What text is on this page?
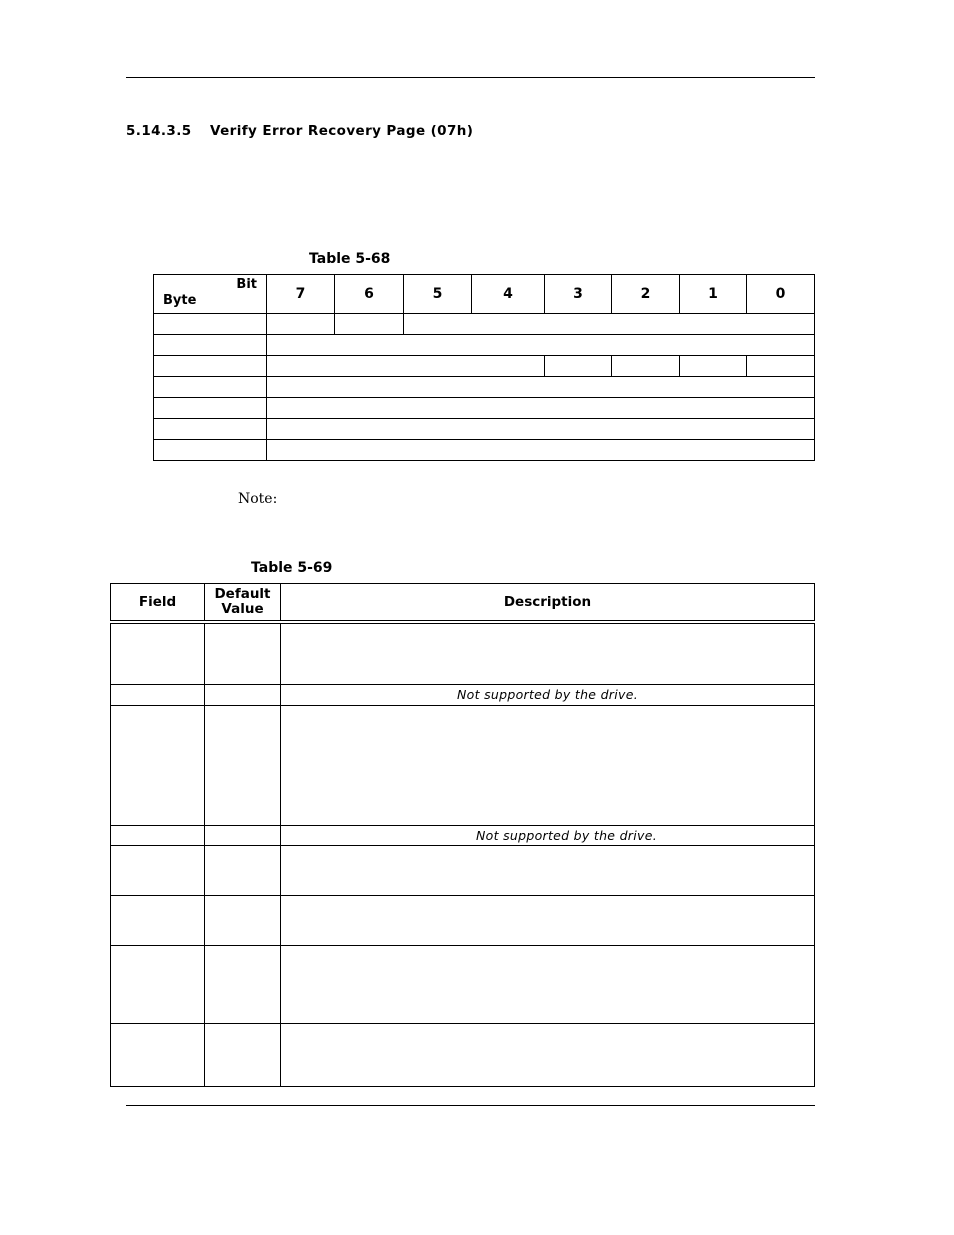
5.14.3.5 Verify Error Recovery Page (07h)
Table 5-68
Bit
Byte	7	6	5	4	3	2	1	0

Note:
Table 5-69
Field	Default Value	Description

		Not supported by the drive.

		Not supported by the drive.
